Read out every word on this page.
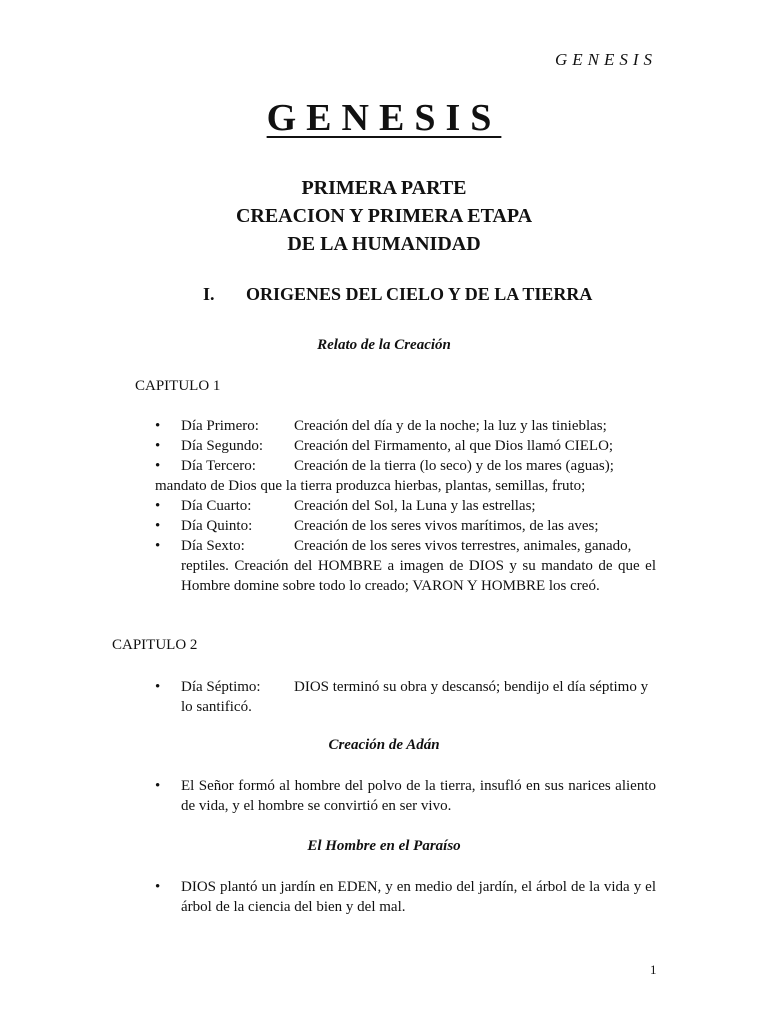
GENESIS
GENESIS
PRIMERA PARTE
CREACION Y PRIMERA ETAPA
DE LA HUMANIDAD
I. ORIGENES DEL CIELO Y DE LA TIERRA
Relato de la Creación
CAPITULO 1
• Día Primero: Creación del día y de la noche; la luz y las tinieblas;
• Día Segundo: Creación del Firmamento, al que Dios llamó CIELO;
• Día Tercero:	Creación de la tierra (lo seco) y de los mares (aguas);
mandato de Dios que la tierra produzca hierbas, plantas, semillas, fruto;
• Día Cuarto:	Creación del Sol, la Luna y las estrellas;
• Día Quinto:	Creación de los seres vivos marítimos, de las aves;
• Día Sexto:	Creación de los seres vivos terrestres, animales, ganado,
reptiles. Creación del HOMBRE a imagen de DIOS y su mandato de que el Hombre domine sobre todo lo creado; VARON Y HOMBRE los creó.
CAPITULO 2
• Día Séptimo: DIOS terminó su obra y descansó; bendijo el día séptimo y
lo santificó.
Creación de Adán
• El Señor formó al hombre del polvo de la tierra, insufló en sus narices aliento de vida, y el hombre se convirtió en ser vivo.
El Hombre en el Paraíso
• DIOS plantó un jardín en EDEN, y en medio del jardín, el árbol de la vida y el árbol de la ciencia del bien y del mal.
1
